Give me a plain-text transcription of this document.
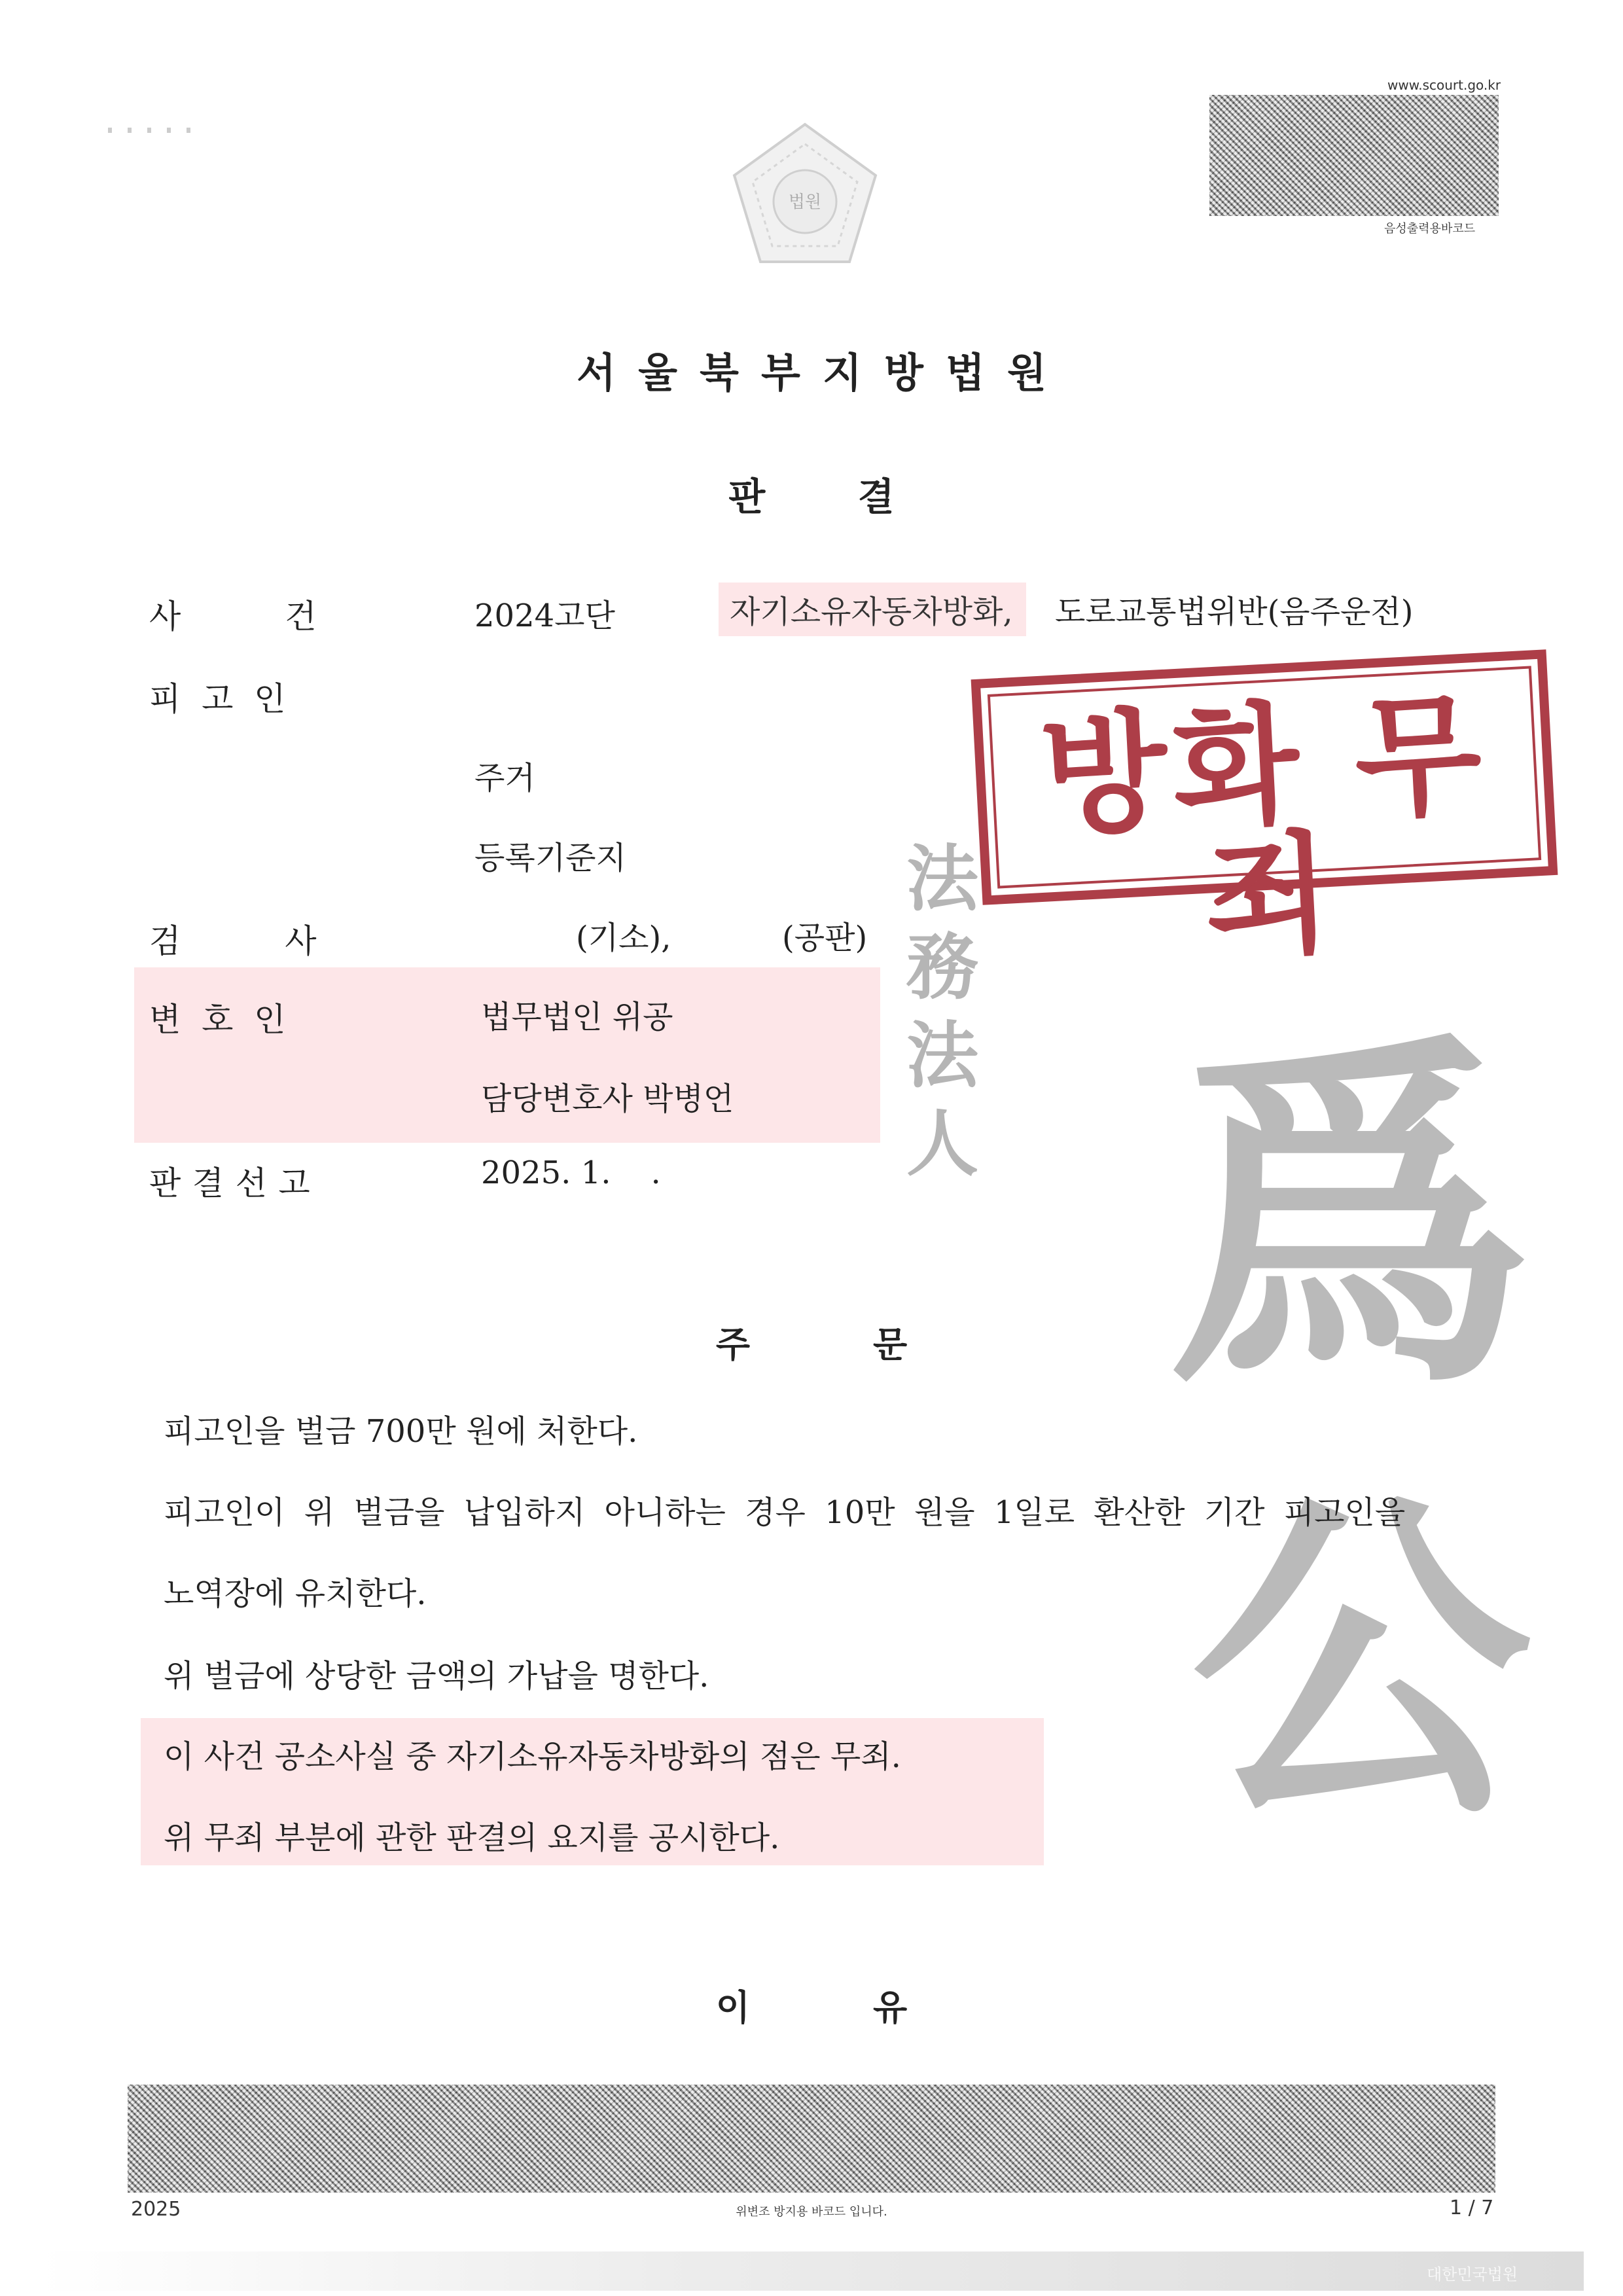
www.scourt.go.kr
음성출력용바코드
법원
서울북부지방법원
판       결
사          건	2024고단	자기소유자동차방화, 도로교통법위반(음주운전)
피  고  인
주거
등록기준지
검          사	(기소),	(공판)
변  호  인	법무법인 위공
담당변호사 박병언
판결선고	2025. 1.    .
法
務
法
人 爲
公
방화 무죄
주          문
피고인을 벌금 700만 원에 처한다.
피고인이 위 벌금을 납입하지 아니하는 경우 10만 원을 1일로 환산한 기간 피고인을
노역장에 유치한다.
위 벌금에 상당한 금액의 가납을 명한다.
이 사건 공소사실 중 자기소유자동차방화의 점은 무죄.
위 무죄 부분에 관한 판결의 요지를 공시한다.
이          유
2025	위변조 방지용 바코드 입니다.	1 / 7
대한민국법원
